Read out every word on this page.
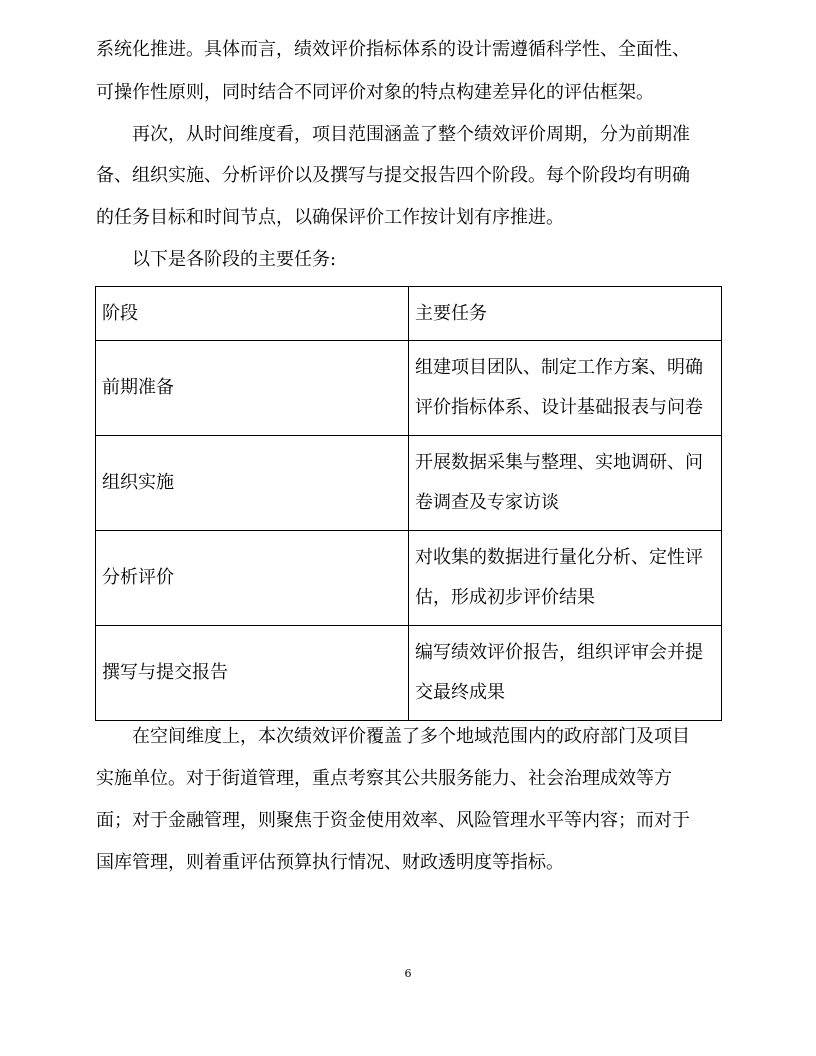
系统化推进。具体而言，绩效评价指标体系的设计需遵循科学性、全面性、
可操作性原则，同时结合不同评价对象的特点构建差异化的评估框架。
　　再次，从时间维度看，项目范围涵盖了整个绩效评价周期，分为前期准
备、组织实施、分析评价以及撰写与提交报告四个阶段。每个阶段均有明确
的任务目标和时间节点，以确保评价工作按计划有序推进。
　　以下是各阶段的主要任务:
阶段	主要任务
前期准备	组建项目团队、制定工作方案、明确
评价指标体系、设计基础报表与问卷

组织实施	开展数据采集与整理、实地调研、问
卷调查及专家访谈

分析评价	对收集的数据进行量化分析、定性评
估，形成初步评价结果

撰写与提交报告	编写绩效评价报告，组织评审会并提
交最终成果
　　在空间维度上，本次绩效评价覆盖了多个地域范围内的政府部门及项目
实施单位。对于街道管理，重点考察其公共服务能力、社会治理成效等方
面；对于金融管理，则聚焦于资金使用效率、风险管理水平等内容；而对于
国库管理，则着重评估预算执行情况、财政透明度等指标。
6
